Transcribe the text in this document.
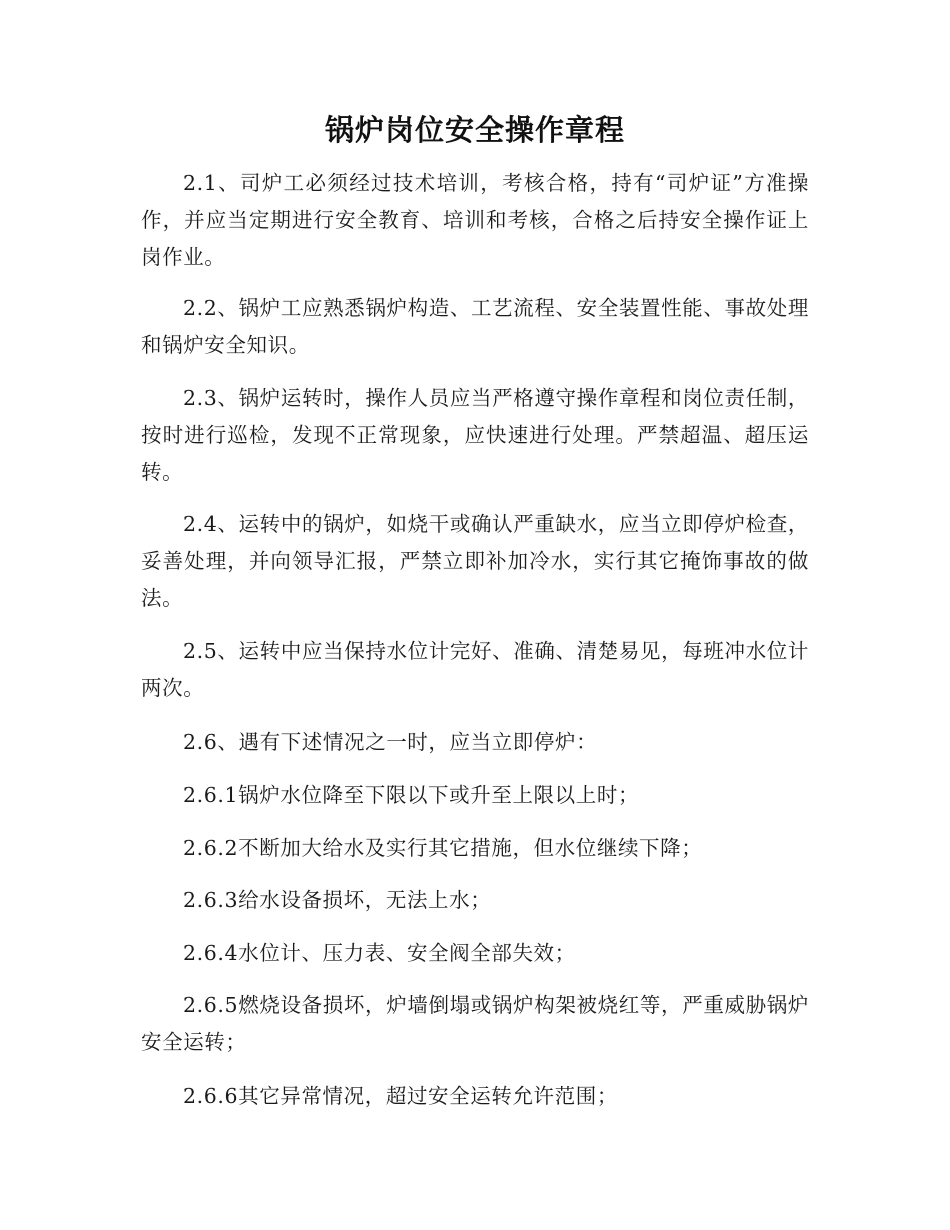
锅炉岗位安全操作章程

2.1、司炉工必须经过技术培训，考核合格，持有“司炉证”方准操作，并应当定期进行安全教育、培训和考核，合格之后持安全操作证上岗作业。

2.2、锅炉工应熟悉锅炉构造、工艺流程、安全装置性能、事故处理和锅炉安全知识。

2.3、锅炉运转时，操作人员应当严格遵守操作章程和岗位责任制，按时进行巡检，发现不正常现象，应快速进行处理。严禁超温、超压运转。

2.4、运转中的锅炉，如烧干或确认严重缺水，应当立即停炉检查，妥善处理，并向领导汇报，严禁立即补加冷水，实行其它掩饰事故的做法。

2.5、运转中应当保持水位计完好、准确、清楚易见，每班冲水位计两次。

2.6、遇有下述情况之一时，应当立即停炉：

2.6.1锅炉水位降至下限以下或升至上限以上时；

2.6.2不断加大给水及实行其它措施，但水位继续下降；

2.6.3给水设备损坏，无法上水；

2.6.4水位计、压力表、安全阀全部失效；

2.6.5燃烧设备损坏，炉墙倒塌或锅炉构架被烧红等，严重威胁锅炉安全运转；

2.6.6其它异常情况，超过安全运转允许范围；
